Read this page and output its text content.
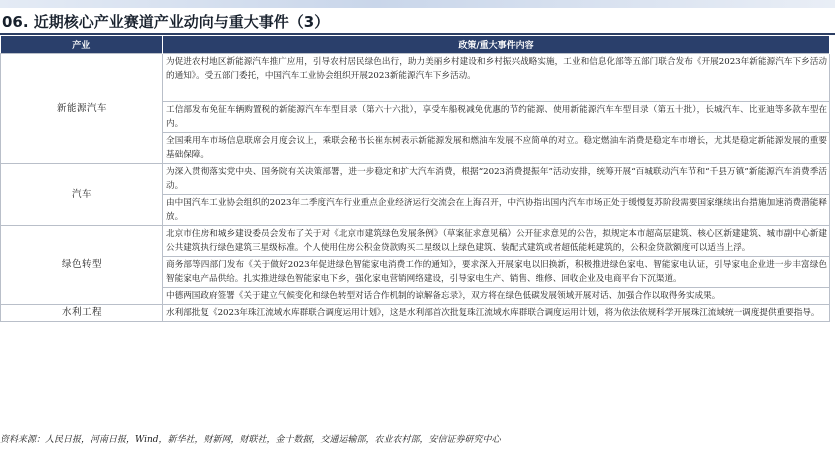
06. 近期核心产业赛道产业动向与重大事件（3）
产业	政策/重大事件内容
新能源汽车	为促进农村地区新能源汽车推广应用，引导农村居民绿色出行，助力美丽乡村建设和乡村振兴战略实施，工业和信息化部等五部门联合发布《开展2023年新能源汽车下乡活动的通知》。受五部门委托，中国汽车工业协会组织开展2023新能源汽车下乡活动。
	工信部发布免征车辆购置税的新能源汽车车型目录（第六十六批），享受车船税减免优惠的节约能源、使用新能源汽车车型目录（第五十批），长城汽车、比亚迪等多款车型在内。
	全国乘用车市场信息联席会月度会议上，乘联会秘书长崔东树表示新能源发展和燃油车发展不应简单的对立。稳定燃油车消费是稳定车市增长，尤其是稳定新能源发展的重要基础保障。
汽车	为深入贯彻落实党中央、国务院有关决策部署，进一步稳定和扩大汽车消费，根据“2023消费提振年”活动安排，统筹开展“百城联动汽车节和“千县万镇”新能源汽车消费季活动。
	由中国汽车工业协会组织的2023年二季度汽车行业重点企业经济运行交流会在上海召开，中汽协指出国内汽车市场正处于缓慢复苏阶段需要国家继续出台措施加速消费潜能释放。
绿色转型	北京市住房和城乡建设委员会发布了关于对《北京市建筑绿色发展条例》（草案征求意见稿）公开征求意见的公告，拟规定本市超高层建筑、核心区新建建筑、城市副中心新建公共建筑执行绿色建筑三星级标准。个人使用住房公积金贷款购买二星级以上绿色建筑、装配式建筑或者超低能耗建筑的，公积金贷款额度可以适当上浮。
	商务部等四部门发布《关于做好2023年促进绿色智能家电消费工作的通知》，要求深入开展家电以旧换新，积极推进绿色家电、智能家电认证，引导家电企业进一步丰富绿色智能家电产品供给。扎实推进绿色智能家电下乡，强化家电营销网络建设，引导家电生产、销售、维修、回收企业及电商平台下沉渠道。
	中德两国政府签署《关于建立气候变化和绿色转型对话合作机制的谅解备忘录》，双方将在绿色低碳发展领域开展对话、加强合作以取得务实成果。
水利工程	水利部批复《2023年珠江流域水库群联合调度运用计划》，这是水利部首次批复珠江流域水库群联合调度运用计划，将为依法依规科学开展珠江流域统一调度提供重要指导。
资料来源：人民日报，河南日报，Wind，新华社，财新网，财联社，金十数据，交通运输部，农业农村部，安信证券研究中心
